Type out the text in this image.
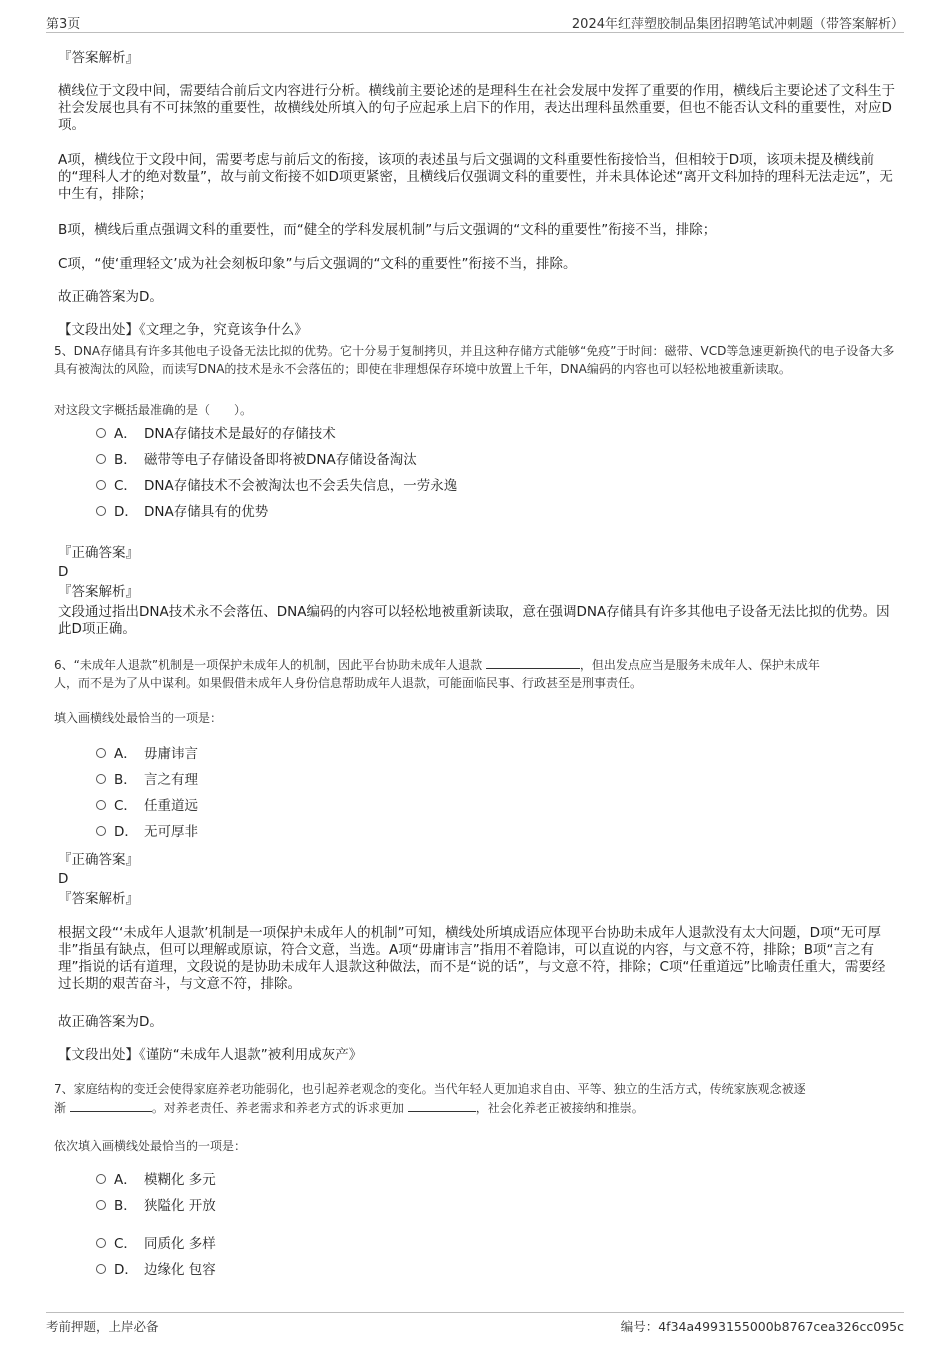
第3页	2024年红萍塑胶制品集团招聘笔试冲刺题（带答案解析）
『答案解析』
横线位于文段中间，需要结合前后文内容进行分析。横线前主要论述的是理科生在社会发展中发挥了重要的作用，横线后主要论述了文科生于社会发展也具有不可抹煞的重要性，故横线处所填入的句子应起承上启下的作用，表达出理科虽然重要，但也不能否认文科的重要性，对应D项。
A项，横线位于文段中间，需要考虑与前后文的衔接，该项的表述虽与后文强调的文科重要性衔接恰当，但相较于D项，该项未提及横线前的“理科人才的绝对数量”，故与前文衔接不如D项更紧密，且横线后仅强调文科的重要性，并未具体论述“离开文科加持的理科无法走远”，无中生有，排除；
B项，横线后重点强调文科的重要性，而“健全的学科发展机制”与后文强调的“文科的重要性”衔接不当，排除；
C项，“使‘重理轻文’成为社会刻板印象”与后文强调的“文科的重要性”衔接不当，排除。
故正确答案为D。
【文段出处】《文理之争，究竟该争什么》
5、DNA存储具有许多其他电子设备无法比拟的优势。它十分易于复制拷贝，并且这种存储方式能够“免疫”于时间：磁带、VCD等急速更新换代的电子设备大多具有被淘汰的风险，而读写DNA的技术是永不会落伍的；即使在非理想保存环境中放置上千年，DNA编码的内容也可以轻松地被重新读取。
对这段文字概括最准确的是（　　）。
A． DNA存储技术是最好的存储技术
B． 磁带等电子存储设备即将被DNA存储设备淘汰
C． DNA存储技术不会被淘汰也不会丢失信息，一劳永逸
D． DNA存储具有的优势
『正确答案』
D
『答案解析』
文段通过指出DNA技术永不会落伍、DNA编码的内容可以轻松地被重新读取，意在强调DNA存储具有许多其他电子设备无法比拟的优势。因此D项正确。
6、“未成年人退款”机制是一项保护未成年人的机制，因此平台协助未成年人退款	，但出发点应当是服务未成年人、保护未成年
人，而不是为了从中谋利。如果假借未成年人身份信息帮助成年人退款，可能面临民事、行政甚至是刑事责任。
填入画横线处最恰当的一项是：
A． 毋庸讳言
B． 言之有理
C． 任重道远
D． 无可厚非
『正确答案』
D
『答案解析』
根据文段“‘未成年人退款’机制是一项保护未成年人的机制”可知，横线处所填成语应体现平台协助未成年人退款没有太大问题，D项“无可厚非”指虽有缺点，但可以理解或原谅，符合文意，当选。A项“毋庸讳言”指用不着隐讳，可以直说的内容，与文意不符，排除；B项“言之有理”指说的话有道理，文段说的是协助未成年人退款这种做法，而不是“说的话”，与文意不符，排除；C项“任重道远”比喻责任重大，需要经过长期的艰苦奋斗，与文意不符，排除。
故正确答案为D。
【文段出处】《谨防“未成年人退款”被利用成灰产》
7、家庭结构的变迁会使得家庭养老功能弱化，也引起养老观念的变化。当代年轻人更加追求自由、平等、独立的生活方式，传统家族观念被逐
渐	。对养老责任、养老需求和养老方式的诉求更加	，社会化养老正被接纳和推崇。
依次填入画横线处最恰当的一项是：
A． 模糊化 多元
B． 狭隘化 开放
C． 同质化 多样
D． 边缘化 包容
考前押题，上岸必备	编号：4f34a4993155000b8767cea326cc095c
